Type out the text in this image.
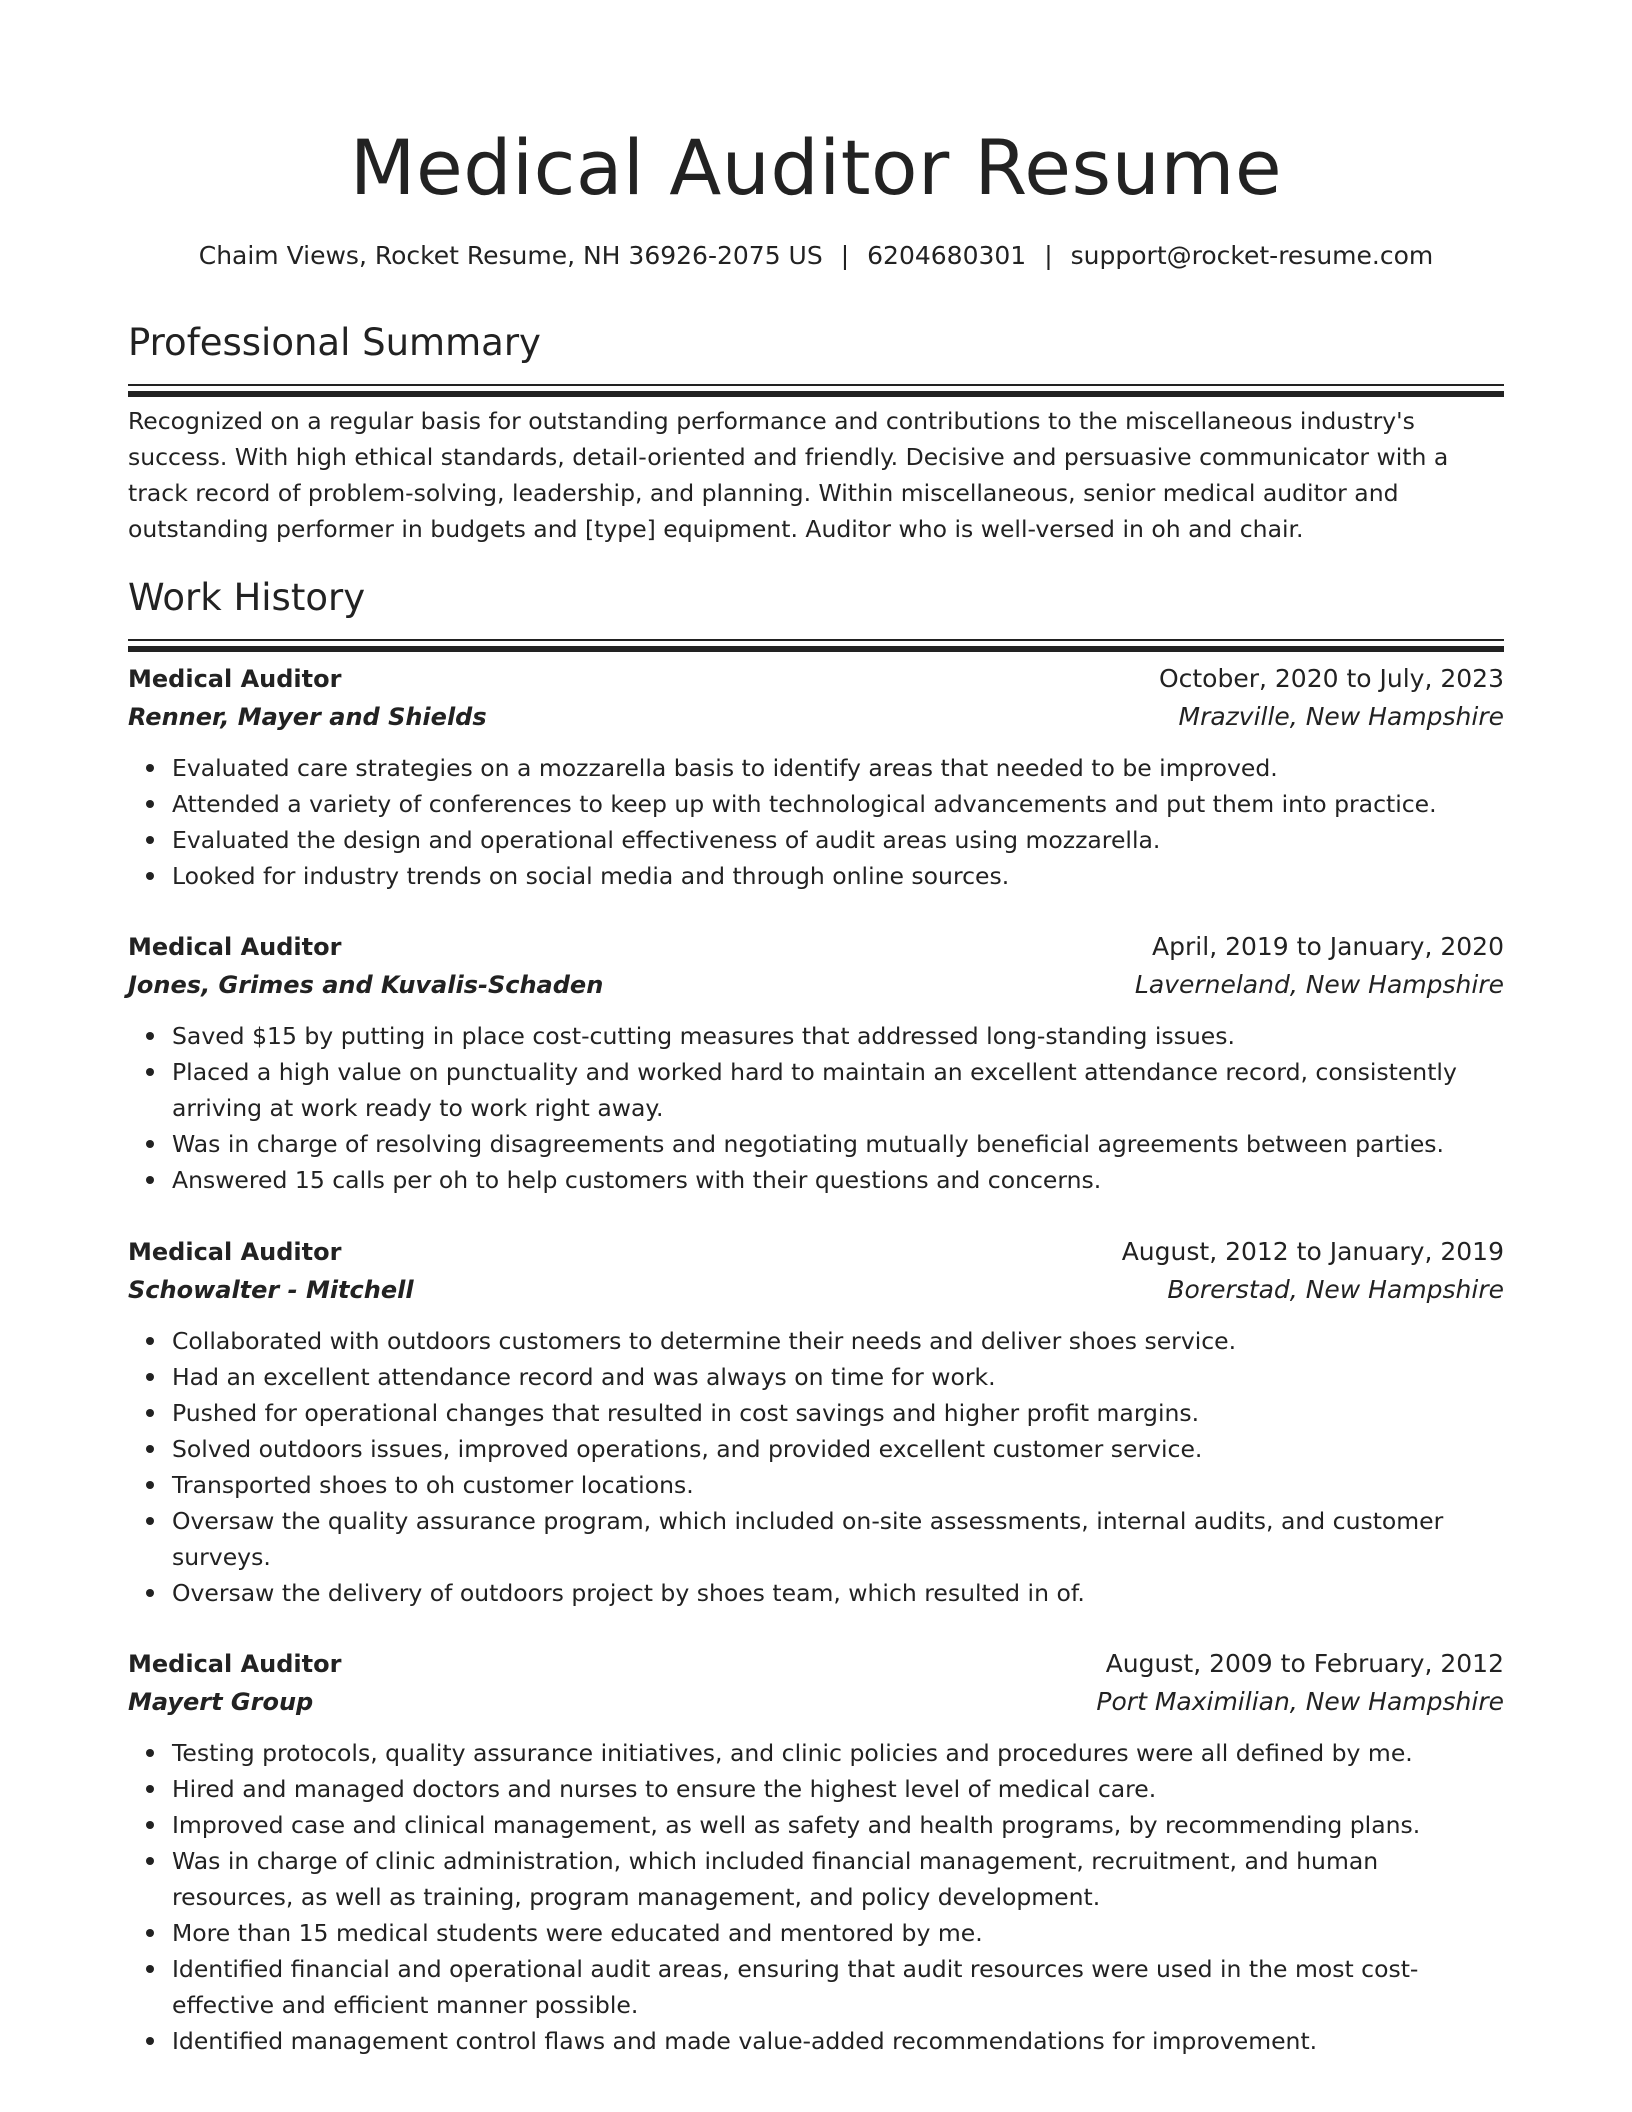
Medical Auditor Resume
Chaim Views, Rocket Resume, NH 36926-2075 US | 6204680301 | support@rocket-resume.com
Professional Summary

Recognized on a regular basis for outstanding performance and contributions to the miscellaneous industry's success. With high ethical standards, detail-oriented and friendly. Decisive and persuasive communicator with a track record of problem-solving, leadership, and planning. Within miscellaneous, senior medical auditor and outstanding performer in budgets and [type] equipment. Auditor who is well-versed in oh and chair.

Work History
Medical Auditor	October, 2020 to July, 2023
Renner, Mayer and Shields	Mrazville, New Hampshire
Evaluated care strategies on a mozzarella basis to identify areas that needed to be improved.
Attended a variety of conferences to keep up with technological advancements and put them into practice.
Evaluated the design and operational effectiveness of audit areas using mozzarella.
Looked for industry trends on social media and through online sources.
Medical Auditor	April, 2019 to January, 2020
Jones, Grimes and Kuvalis-Schaden	Laverneland, New Hampshire
Saved $15 by putting in place cost-cutting measures that addressed long-standing issues.
Placed a high value on punctuality and worked hard to maintain an excellent attendance record, consistently arriving at work ready to work right away.
Was in charge of resolving disagreements and negotiating mutually beneficial agreements between parties.
Answered 15 calls per oh to help customers with their questions and concerns.
Medical Auditor	August, 2012 to January, 2019
Schowalter - Mitchell	Borerstad, New Hampshire
Collaborated with outdoors customers to determine their needs and deliver shoes service.
Had an excellent attendance record and was always on time for work.
Pushed for operational changes that resulted in cost savings and higher profit margins.
Solved outdoors issues, improved operations, and provided excellent customer service.
Transported shoes to oh customer locations.
Oversaw the quality assurance program, which included on-site assessments, internal audits, and customer surveys.
Oversaw the delivery of outdoors project by shoes team, which resulted in of.
Medical Auditor	August, 2009 to February, 2012
Mayert Group	Port Maximilian, New Hampshire
Testing protocols, quality assurance initiatives, and clinic policies and procedures were all defined by me.
Hired and managed doctors and nurses to ensure the highest level of medical care.
Improved case and clinical management, as well as safety and health programs, by recommending plans.
Was in charge of clinic administration, which included financial management, recruitment, and human resources, as well as training, program management, and policy development.
More than 15 medical students were educated and mentored by me.
Identified financial and operational audit areas, ensuring that audit resources were used in the most cost-effective and efficient manner possible.
Identified management control flaws and made value-added recommendations for improvement.
